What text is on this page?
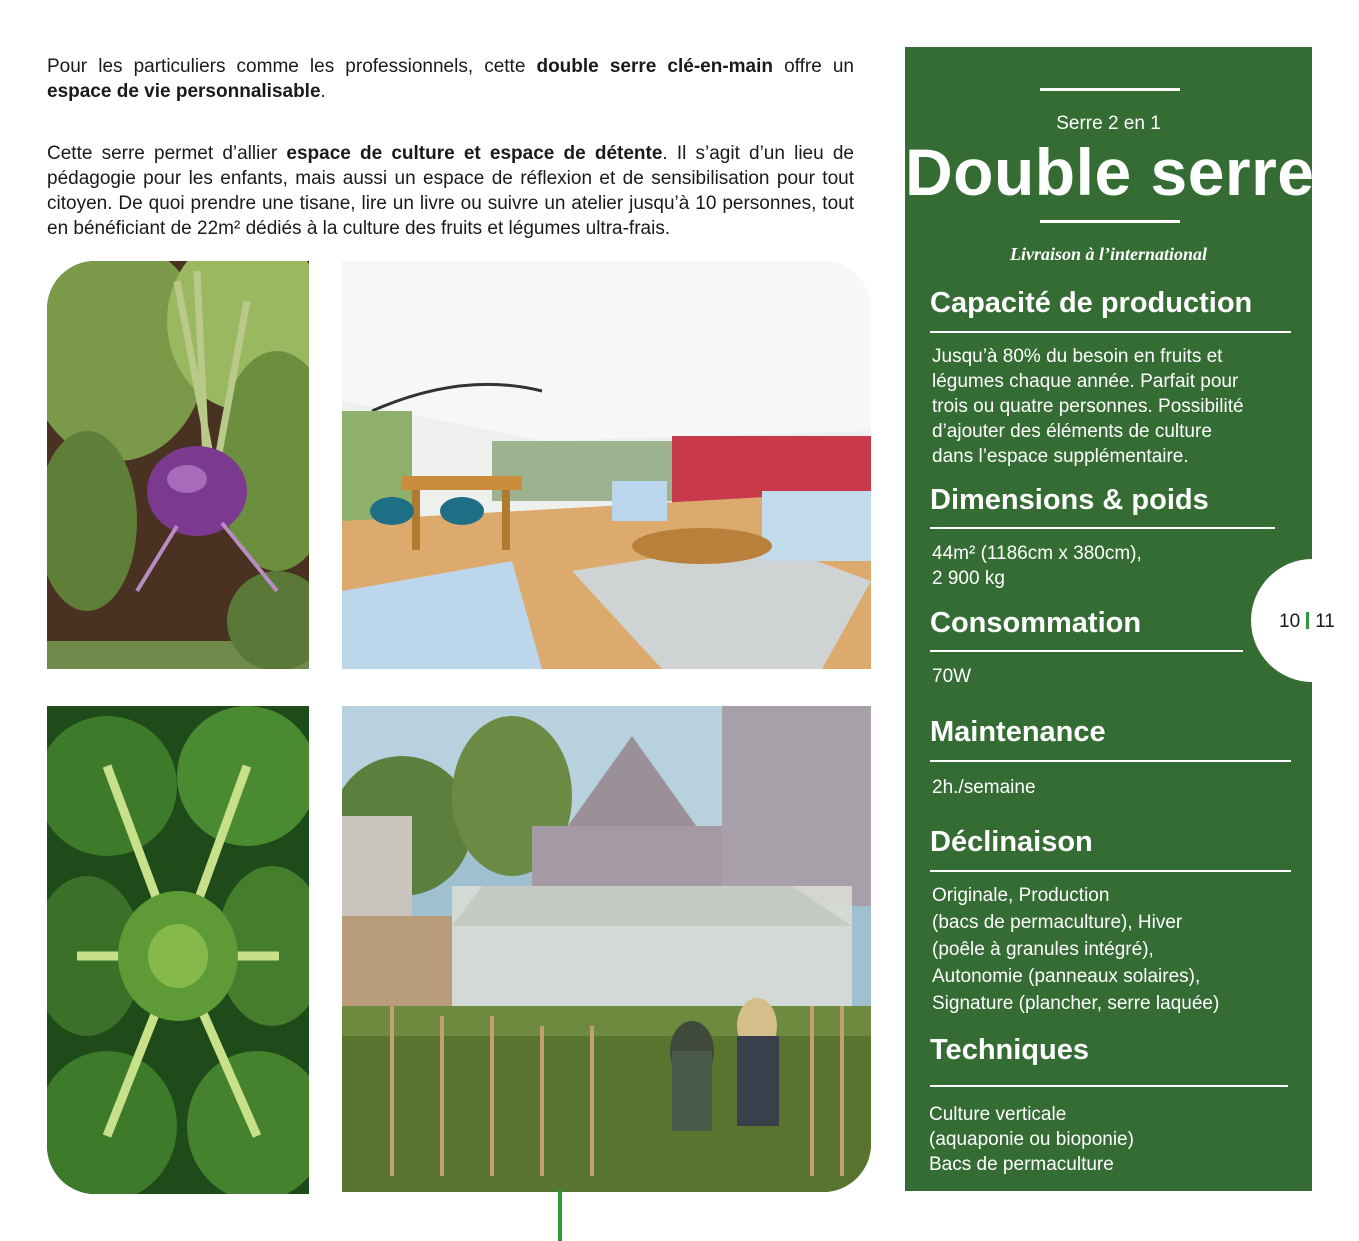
Pour les particuliers comme les professionnels, cette double serre clé-en-main offre un espace de vie personnalisable.

Cette serre permet d’allier espace de culture et espace de détente. Il s’agit d’un lieu de pédagogie pour les enfants, mais aussi un espace de réflexion et de sensibilisation pour tout citoyen. De quoi prendre une tisane, lire un livre ou suivre un atelier jusqu’à 10 personnes, tout en bénéficiant de 22m² dédiés à la culture des fruits et légumes ultra-frais.

Serre 2 en 1
Double serre
Livraison à l’international
Capacité de production
Jusqu’à 80% du besoin en fruits et
légumes chaque année. Parfait pour
trois ou quatre personnes. Possibilité
d’ajouter des éléments de culture
dans l’espace supplémentaire.
Dimensions & poids
44m² (1186cm x 380cm),
2 900 kg
Consommation
70W
Maintenance
2h./semaine
Déclinaison
Originale, Production
(bacs de permaculture), Hiver
(poêle à granules intégré),
Autonomie (panneaux solaires),
Signature (plancher, serre laquée)
Techniques
Culture verticale
(aquaponie ou bioponie)
Bacs de permaculture
10 11
